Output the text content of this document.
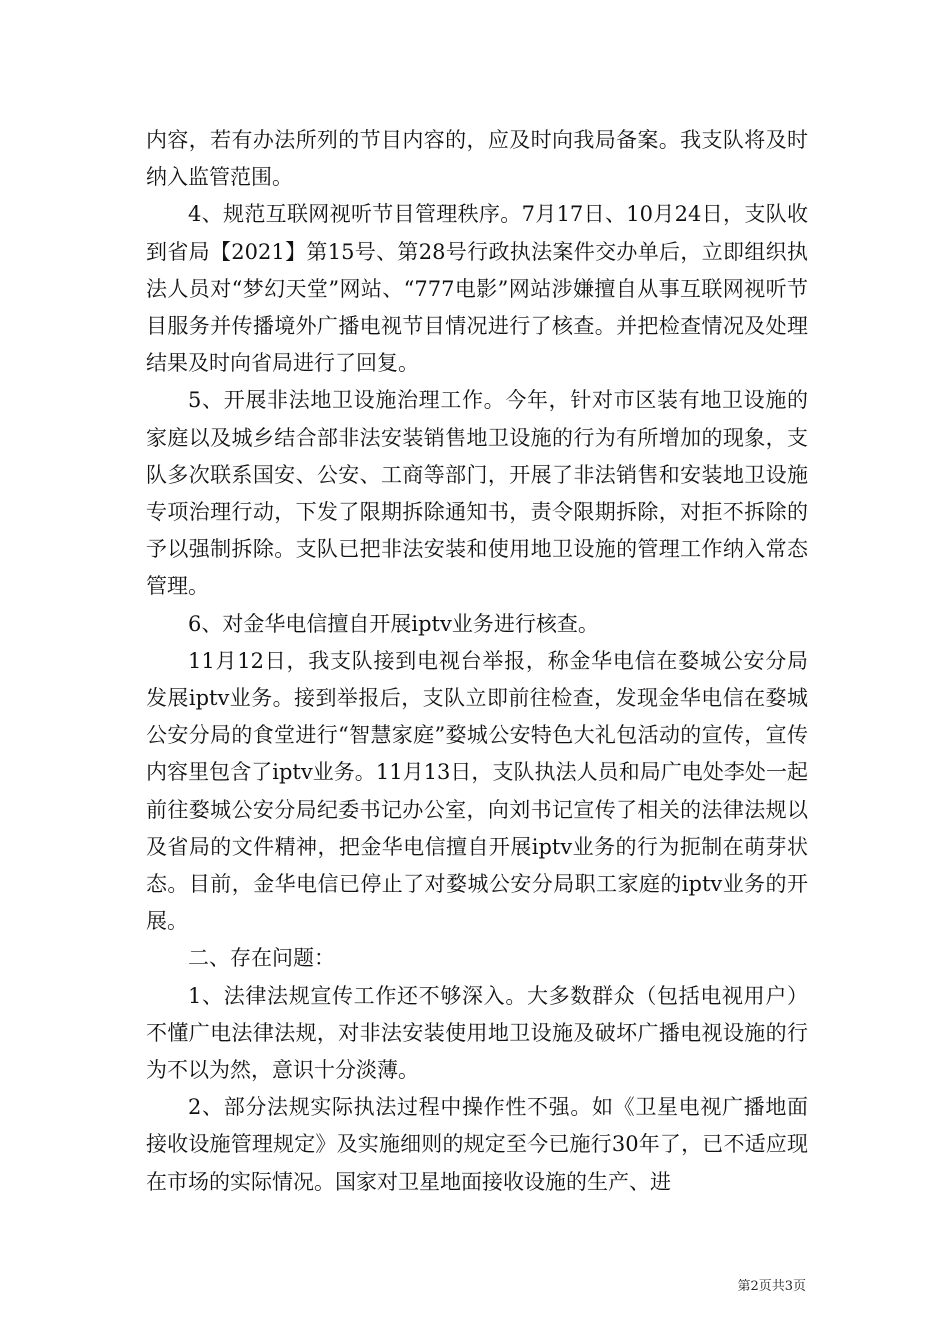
内容，若有办法所列的节目内容的，应及时向我局备案。我支队将及时纳入监管范围。

4、规范互联网视听节目管理秩序。7月17日、10月24日，支队收到省局【2021】第15号、第28号行政执法案件交办单后，立即组织执法人员对“梦幻天堂”网站、“777电影”网站涉嫌擅自从事互联网视听节目服务并传播境外广播电视节目情况进行了核查。并把检查情况及处理结果及时向省局进行了回复。

5、开展非法地卫设施治理工作。今年，针对市区装有地卫设施的家庭以及城乡结合部非法安装销售地卫设施的行为有所增加的现象，支队多次联系国安、公安、工商等部门，开展了非法销售和安装地卫设施专项治理行动，下发了限期拆除通知书，责令限期拆除，对拒不拆除的予以强制拆除。支队已把非法安装和使用地卫设施的管理工作纳入常态管理。

6、对金华电信擅自开展iptv业务进行核查。

11月12日，我支队接到电视台举报，称金华电信在婺城公安分局发展iptv业务。接到举报后，支队立即前往检查，发现金华电信在婺城公安分局的食堂进行“智慧家庭”婺城公安特色大礼包活动的宣传，宣传内容里包含了iptv业务。11月13日，支队执法人员和局广电处李处一起前往婺城公安分局纪委书记办公室，向刘书记宣传了相关的法律法规以及省局的文件精神，把金华电信擅自开展iptv业务的行为扼制在萌芽状态。目前，金华电信已停止了对婺城公安分局职工家庭的iptv业务的开展。

二、存在问题：

1、法律法规宣传工作还不够深入。大多数群众（包括电视用户）不懂广电法律法规，对非法安装使用地卫设施及破坏广播电视设施的行为不以为然，意识十分淡薄。

2、部分法规实际执法过程中操作性不强。如《卫星电视广播地面接收设施管理规定》及实施细则的规定至今已施行30年了，已不适应现在市场的实际情况。国家对卫星地面接收设施的生产、进

第2页共3页
